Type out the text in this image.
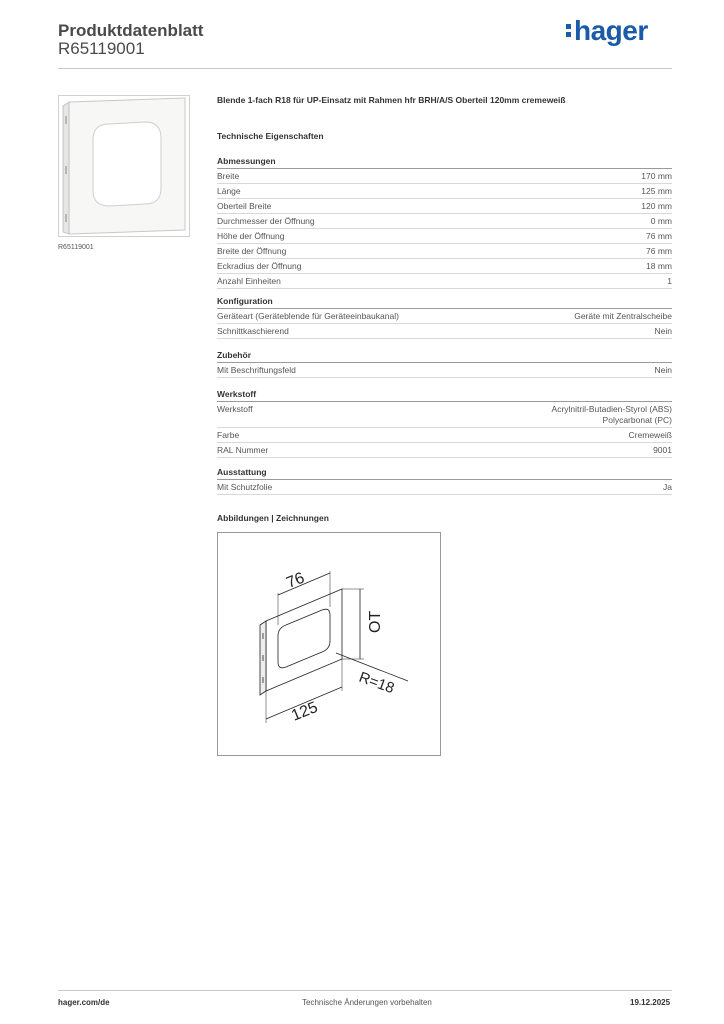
Produktdatenblatt
R65119001
hager
R65119001
Blende 1-fach R18 für UP-Einsatz mit Rahmen hfr BRH/A/S Oberteil 120mm cremeweiß
Technische Eigenschaften
Abmessungen
Breite	170 mm
Länge	125 mm
Oberteil Breite	120 mm
Durchmesser der Öffnung	0 mm
Höhe der Öffnung	76 mm
Breite der Öffnung	76 mm
Eckradius der Öffnung	18 mm
Anzahl Einheiten	1
Konfiguration
Geräteart (Geräteblende für Geräteeinbaukanal)	Geräte mit Zentralscheibe
Schnittkaschierend	Nein
Zubehör
Mit Beschriftungsfeld	Nein
Werkstoff
Werkstoff	Acrylnitril-Butadien-Styrol (ABS)
Polycarbonat (PC)
Farbe	Cremeweiß
RAL Nummer	9001
Ausstattung
Mit Schutzfolie	Ja
Abbildungen | Zeichnungen
76
OT
R=18
125
hager.com/de	Technische Änderungen vorbehalten	19.12.2025
